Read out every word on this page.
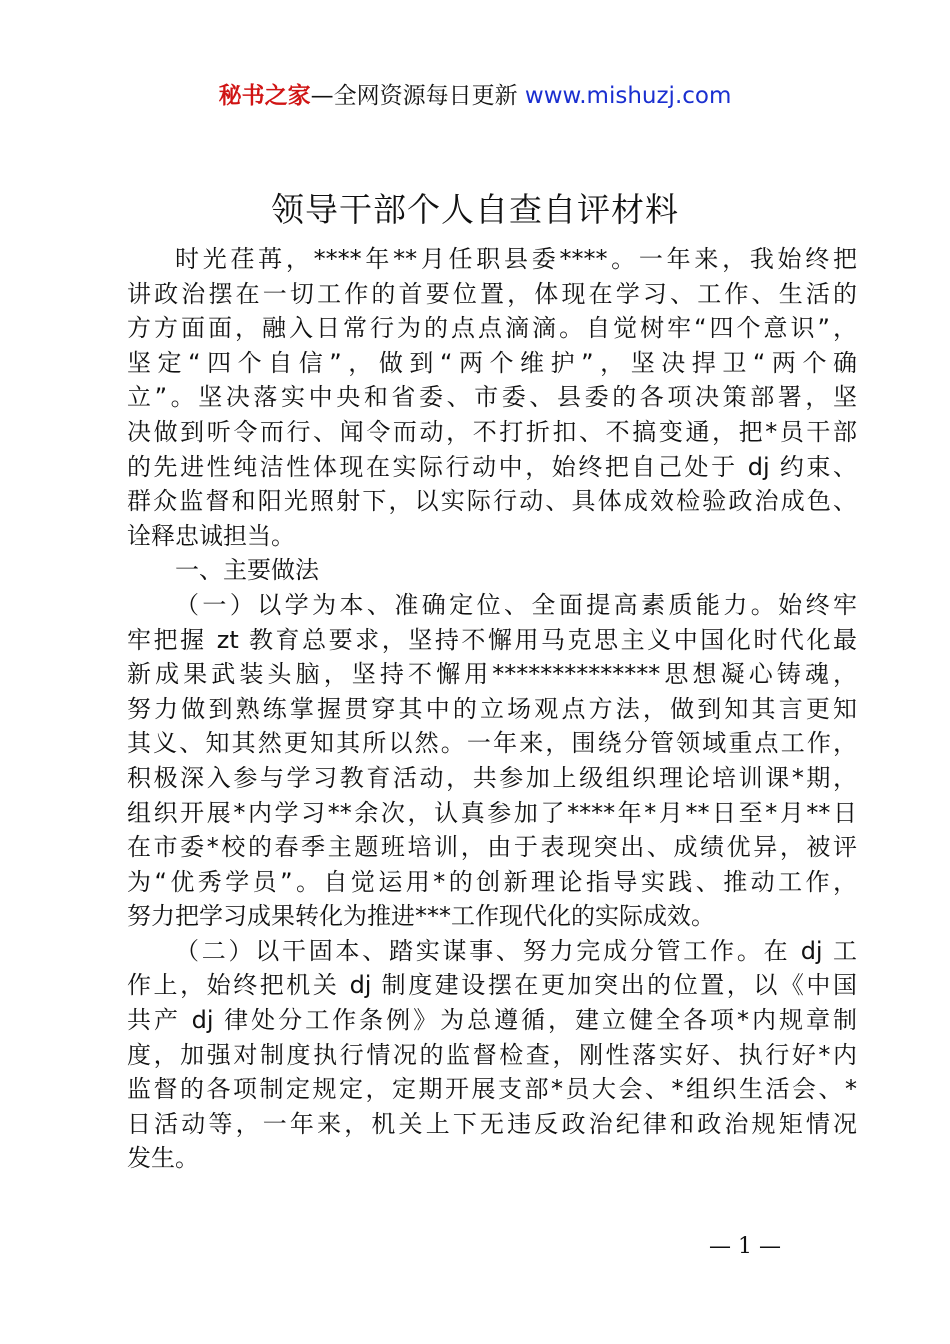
秘书之家—全网资源每日更新 www.mishuzj.com
领导干部个人自查自评材料
时光荏苒，****年**月任职县委****。一年来，我始终把
讲政治摆在一切工作的首要位置，体现在学习、工作、生活的
方方面面，融入日常行为的点点滴滴。自觉树牢“四个意识”，
坚定“四个自信”，做到“两个维护”，坚决捍卫“两个确
立”。坚决落实中央和省委、市委、县委的各项决策部署，坚
决做到听令而行、闻令而动，不打折扣、不搞变通，把*员干部
的先进性纯洁性体现在实际行动中，始终把自己处于 dj 约束、
群众监督和阳光照射下，以实际行动、具体成效检验政治成色、
诠释忠诚担当。
一、主要做法
（一）以学为本、准确定位、全面提高素质能力。始终牢
牢把握 zt 教育总要求，坚持不懈用马克思主义中国化时代化最
新成果武装头脑，坚持不懈用**************思想凝心铸魂，
努力做到熟练掌握贯穿其中的立场观点方法，做到知其言更知
其义、知其然更知其所以然。一年来，围绕分管领域重点工作，
积极深入参与学习教育活动，共参加上级组织理论培训课*期，
组织开展*内学习**余次，认真参加了****年*月**日至*月**日
在市委*校的春季主题班培训，由于表现突出、成绩优异，被评
为“优秀学员”。自觉运用*的创新理论指导实践、推动工作，
努力把学习成果转化为推进***工作现代化的实际成效。
（二）以干固本、踏实谋事、努力完成分管工作。在 dj 工
作上，始终把机关 dj 制度建设摆在更加突出的位置，以《中国
共产 dj 律处分工作条例》为总遵循，建立健全各项*内规章制
度，加强对制度执行情况的监督检查，刚性落实好、执行好*内
监督的各项制定规定，定期开展支部*员大会、*组织生活会、*
日活动等，一年来，机关上下无违反政治纪律和政治规矩情况
发生。
— 1 —
